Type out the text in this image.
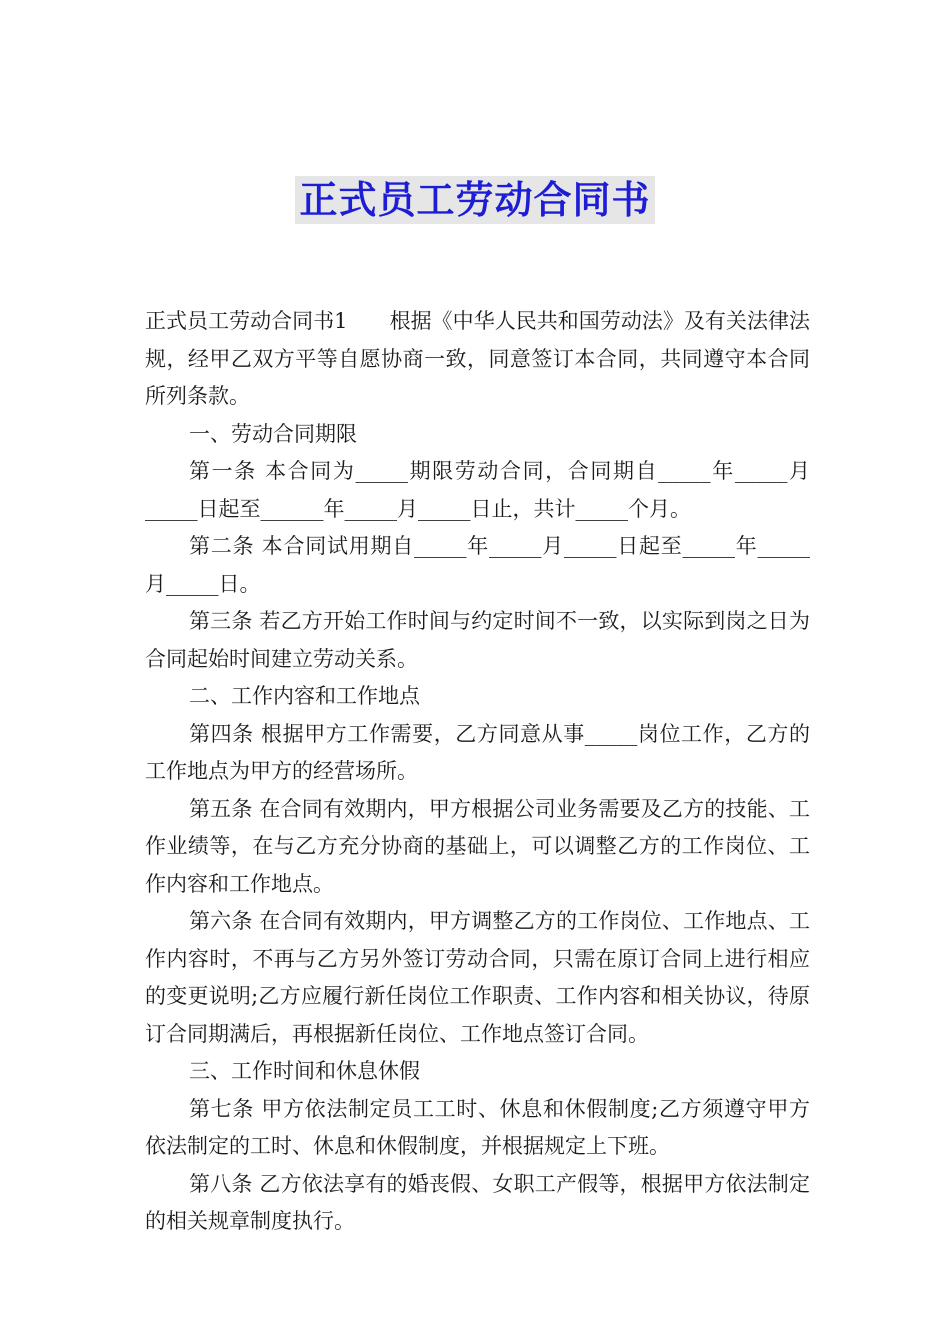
正式员工劳动合同书

正式员工劳动合同书1　　根据《中华人民共和国劳动法》及有关法律法规，经甲乙双方平等自愿协商一致，同意签订本合同，共同遵守本合同所列条款。

一、劳动合同期限

第一条 本合同为_____期限劳动合同，合同期自_____年_____月_____日起至______年_____月_____日止，共计_____个月。

第二条 本合同试用期自_____年_____月_____日起至_____年_____月_____日。

第三条 若乙方开始工作时间与约定时间不一致，以实际到岗之日为合同起始时间建立劳动关系。

二、工作内容和工作地点

第四条 根据甲方工作需要，乙方同意从事_____岗位工作，乙方的工作地点为甲方的经营场所。

第五条 在合同有效期内，甲方根据公司业务需要及乙方的技能、工作业绩等，在与乙方充分协商的基础上，可以调整乙方的工作岗位、工作内容和工作地点。

第六条 在合同有效期内，甲方调整乙方的工作岗位、工作地点、工作内容时，不再与乙方另外签订劳动合同，只需在原订合同上进行相应的变更说明;乙方应履行新任岗位工作职责、工作内容和相关协议，待原订合同期满后，再根据新任岗位、工作地点签订合同。

三、工作时间和休息休假

第七条 甲方依法制定员工工时、休息和休假制度;乙方须遵守甲方依法制定的工时、休息和休假制度，并根据规定上下班。

第八条 乙方依法享有的婚丧假、女职工产假等，根据甲方依法制定的相关规章制度执行。
